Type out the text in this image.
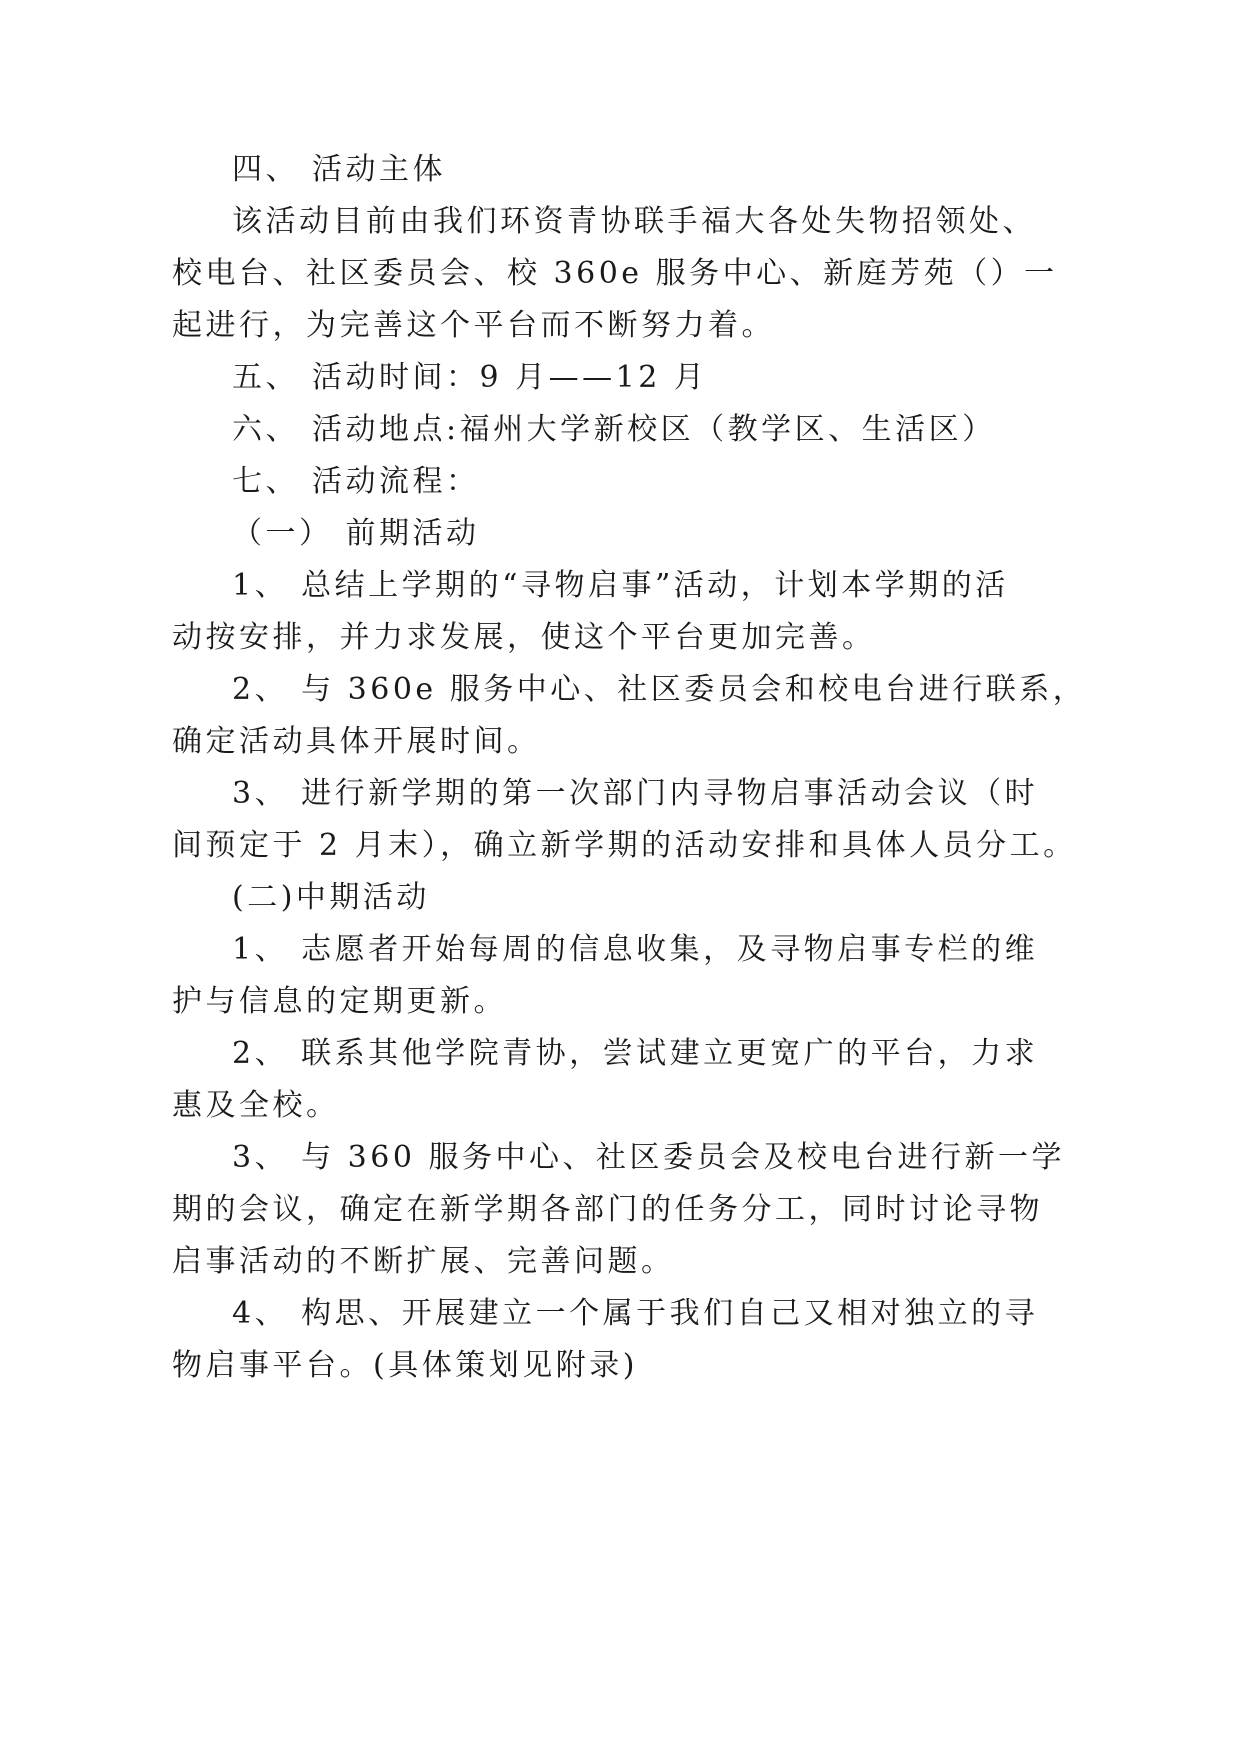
四、 活动主体
该活动目前由我们环资青协联手福大各处失物招领处、
校电台、社区委员会、校 360e 服务中心、新庭芳苑（）一
起进行，为完善这个平台而不断努力着。
五、 活动时间：9 月——12 月
六、 活动地点:福州大学新校区（教学区、生活区）
七、 活动流程：
（一） 前期活动
1、 总结上学期的“寻物启事”活动，计划本学期的活
动按安排，并力求发展，使这个平台更加完善。
2、 与 360e 服务中心、社区委员会和校电台进行联系，
确定活动具体开展时间。
3、 进行新学期的第一次部门内寻物启事活动会议（时
间预定于 2 月末），确立新学期的活动安排和具体人员分工。
(二)中期活动
1、 志愿者开始每周的信息收集，及寻物启事专栏的维
护与信息的定期更新。
2、 联系其他学院青协，尝试建立更宽广的平台，力求
惠及全校。
3、 与 360 服务中心、社区委员会及校电台进行新一学
期的会议，确定在新学期各部门的任务分工，同时讨论寻物
启事活动的不断扩展、完善问题。
4、 构思、开展建立一个属于我们自己又相对独立的寻
物启事平台。(具体策划见附录)
